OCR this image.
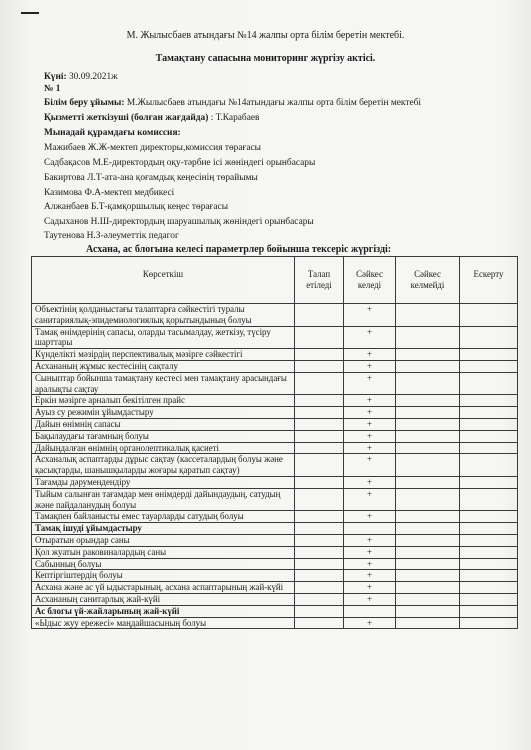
М. Жылысбаев атындағы №14 жалпы орта білім беретін мектебі.
Тамақтану сапасына мониторинг жүргізу актісі.
Күні: 30.09.2021ж
№ 1
Білім беру ұйымы: М.Жылысбаев атындағы №14атындағы жалпы орта білім беретін мектебі
Қызметті жеткізуші (болған жағдайда) : Т.Карабаев
Мынадай құрамдағы комиссия:
Мажибаев Ж.Ж-мектеп директоры,комиссия төрағасы
Садбақасов М.Е-директордың оқу-тәрбие ісі жөніндегі орынбасары
Бакиртова Л.Т-ата-ана қоғамдық кеңесінің төрайымы
Казимова Ф.А-мектеп медбикесі
Алжанбаев Б.Т-қамқоршылық кеңес төрағасы
Садыханов Н.Ш-директордың шаруашылық жөніндегі орынбасары
Таутенова Н.З-әлеуметтік педагог
Асхана, ас блогына келесі параметрлер бойынша тексеріс жүргізді:
Көрсеткіш	Талап етіледі	Сәйкес келеді	Сәйкес келмейді	Ескерту
Объектінің қолданыстағы талаптарға сәйкестігі туралы санитариялық-эпидемиологиялық қорытындының болуы		+		
Тамақ өнімдерінің сапасы, оларды тасымалдау, жеткізу, түсіру шарттары		+		
Күнделікті мәзірдің перспективалық мәзірге сәйкестігі		+		
Асхананың жұмыс кестесінің сақталу		+		
Сыныптар бойынша тамақтану кестесі мен тамақтану арасындағы аралықты сақтау		+		
Еркін мәзірге арналып бекітілген прайс		+		
Ауыз су режимін ұйымдастыру		+		
Дайын өнімнің сапасы		+		
Бақылаудағы тағамның болуы		+		
Дайындалған өнімнің органолептикалық қасиеті		+		
Асханалық аспаптарды дұрыс сақтау (кассеталардың болуы және қасықтарды, шанышқыларды жоғары қаратып сақтау)		+		
Тағамды дәрумендендіру		+		
Тыйым салынған тағамдар мен өнімдерді дайындаудың, сатудың және пайдаланудың болуы		+		
Тамақпен байланысты емес тауарларды сатудың болуы		+		
Тамақ ішуді ұйымдастыру				
Отыратын орындар саны		+		
Қол жуатын раковиналардың саны		+		
Сабынның болуы		+		
Кептіргіштердің болуы		+		
Асхана және ас үй ыдыстарының, асхана аспаптарының жай-күйі		+		
Асхананың санитарлық жай-күйі		+		
Ас блогы үй-жайларының жай-күйі				
«Ыдыс жуу ережесі» маңдайшасының болуы		+		
